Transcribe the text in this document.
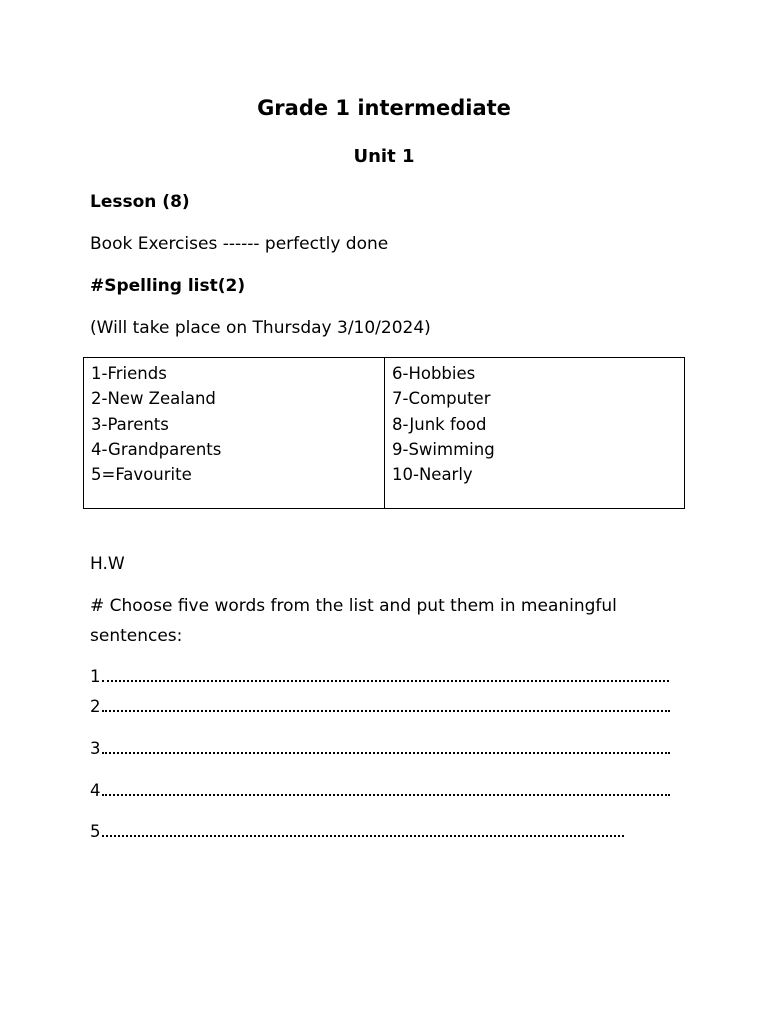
Grade 1 intermediate
Unit 1
Lesson (8)
Book Exercises ------ perfectly done
#Spelling list(2)
(Will take place on Thursday 3/10/2024)
1-Friends
2-New Zealand
3-Parents
4-Grandparents
5=Favourite
6-Hobbies
7-Computer
8-Junk food
9-Swimming
10-Nearly
H.W
# Choose five words from the list and put them in meaningful
sentences:
1
2
3
4
5
